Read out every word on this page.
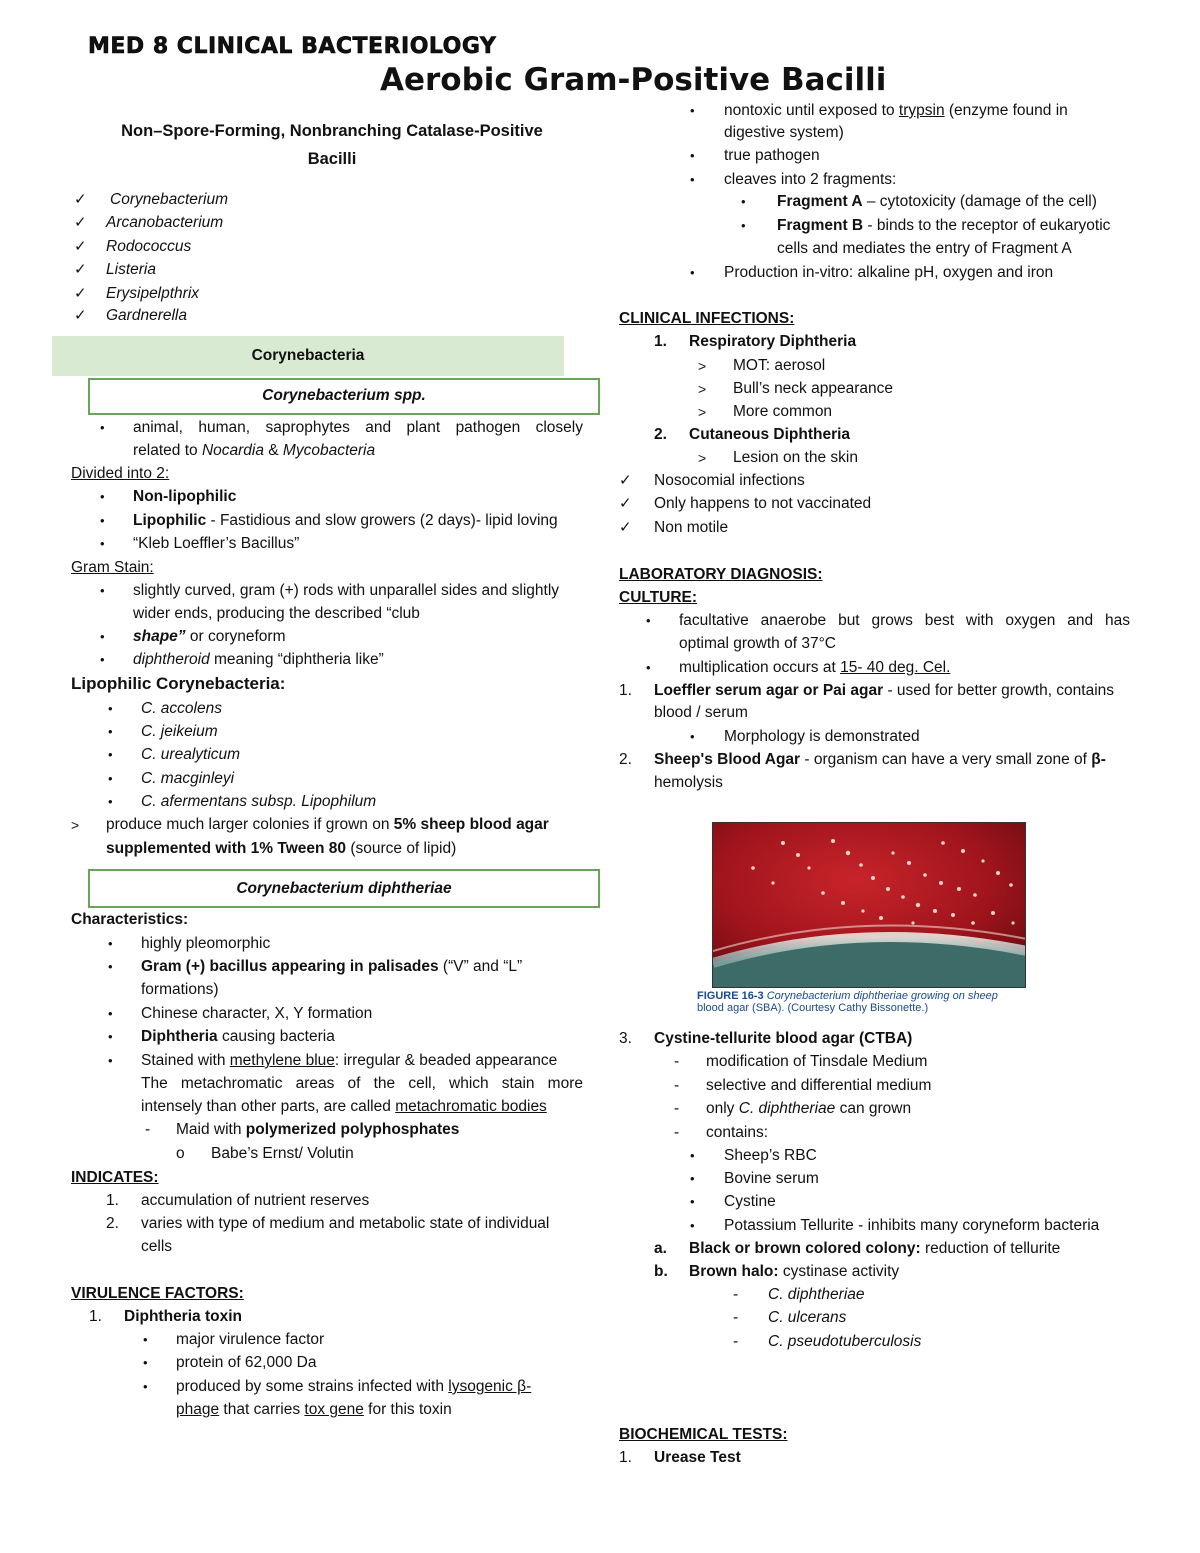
MED 8 CLINICAL BACTERIOLOGY
Aerobic Gram-Positive Bacilli
Non–Spore-Forming, Nonbranching Catalase-Positive
Bacilli
✓ Corynebacterium
✓ Arcanobacterium
✓ Rodococcus
✓ Listeria
✓ Erysipelpthrix
✓ Gardnerella
Corynebacteria
Corynebacterium spp.
• animal, human, saprophytes and plant pathogen closely
related to Nocardia & Mycobacteria
Divided into 2:
• Non-lipophilic
• Lipophilic - Fastidious and slow growers (2 days)- lipid loving
• “Kleb Loeffler’s Bacillus”
Gram Stain:
• slightly curved, gram (+) rods with unparallel sides and slightly
wider ends, producing the described “club
• shape” or coryneform
• diphtheroid meaning “diphtheria like”
Lipophilic Corynebacteria:
• C. accolens
• C. jeikeium
• C. urealyticum
• C. macginleyi
• C. afermentans subsp. Lipophilum
> produce much larger colonies if grown on 5% sheep blood agar
supplemented with 1% Tween 80 (source of lipid)
Corynebacterium diphtheriae
Characteristics:
• highly pleomorphic
• Gram (+) bacillus appearing in palisades (“V” and “L”
formations)
• Chinese character, X, Y formation
• Diphtheria causing bacteria
• Stained with methylene blue: irregular & beaded appearance
The metachromatic areas of the cell, which stain more
intensely than other parts, are called metachromatic bodies
- Maid with polymerized polyphosphates
o Babe’s Ernst/ Volutin
INDICATES:
1. accumulation of nutrient reserves
2. varies with type of medium and metabolic state of individual
cells
VIRULENCE FACTORS:
1. Diphtheria toxin
• major virulence factor
• protein of 62,000 Da
• produced by some strains infected with lysogenic β-
phage that carries tox gene for this toxin
• nontoxic until exposed to trypsin (enzyme found in
digestive system)
• true pathogen
• cleaves into 2 fragments:
• Fragment A – cytotoxicity (damage of the cell)
• Fragment B - binds to the receptor of eukaryotic
cells and mediates the entry of Fragment A
• Production in-vitro: alkaline pH, oxygen and iron
CLINICAL INFECTIONS:
1. Respiratory Diphtheria
> MOT: aerosol
> Bull’s neck appearance
> More common
2. Cutaneous Diphtheria
> Lesion on the skin
✓ Nosocomial infections
✓ Only happens to not vaccinated
✓ Non motile
LABORATORY DIAGNOSIS:
CULTURE:
• facultative anaerobe but grows best with oxygen and has
optimal growth of 37°C
• multiplication occurs at 15- 40 deg. Cel.
1. Loeffler serum agar or Pai agar - used for better growth, contains
blood / serum
• Morphology is demonstrated
2. Sheep's Blood Agar - organism can have a very small zone of β-
hemolysis
FIGURE 16-3 Corynebacterium diphtheriae growing on sheep
blood agar (SBA). (Courtesy Cathy Bissonette.)
3. Cystine-tellurite blood agar (CTBA)
- modification of Tinsdale Medium
- selective and differential medium
- only C. diphtheriae can grown
- contains:
• Sheep’s RBC
• Bovine serum
• Cystine
• Potassium Tellurite - inhibits many coryneform bacteria
a. Black or brown colored colony: reduction of tellurite
b. Brown halo: cystinase activity
- C. diphtheriae
- C. ulcerans
- C. pseudotuberculosis
BIOCHEMICAL TESTS:
1. Urease Test
